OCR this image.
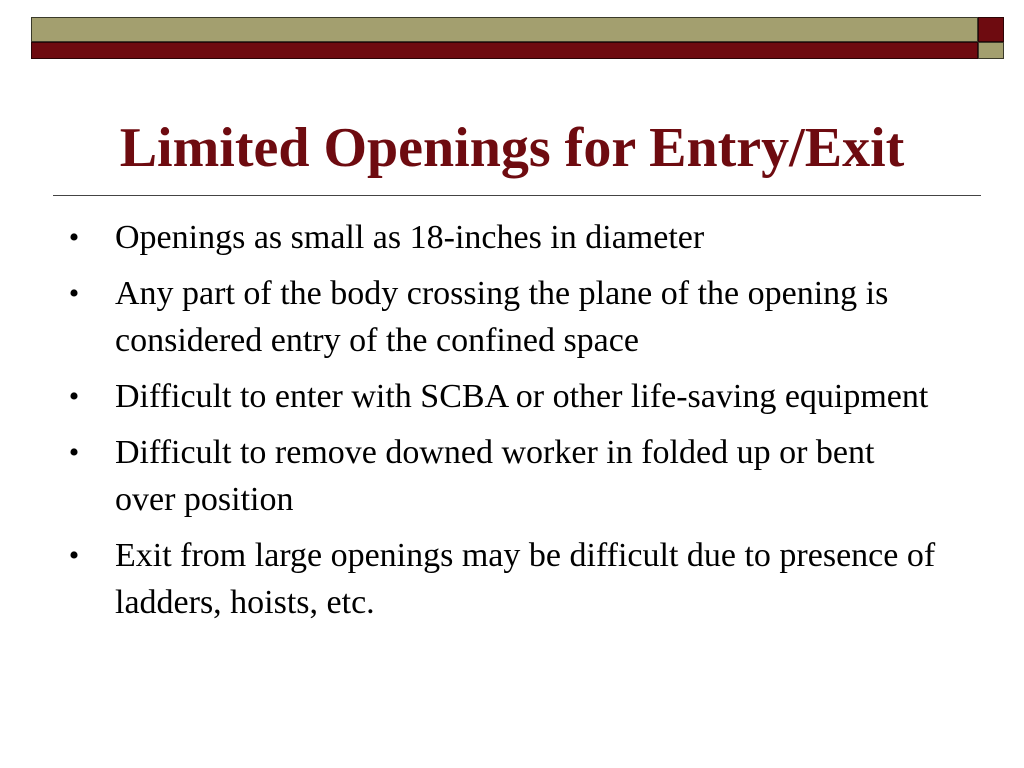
Limited Openings for Entry/Exit
• Openings as small as 18-inches in diameter
• Any part of the body crossing the plane of the opening is considered entry of the confined space
• Difficult to enter with SCBA or other life-saving equipment
• Difficult to remove downed worker in folded up or bent over position
• Exit from large openings may be difficult due to presence of ladders, hoists, etc.
